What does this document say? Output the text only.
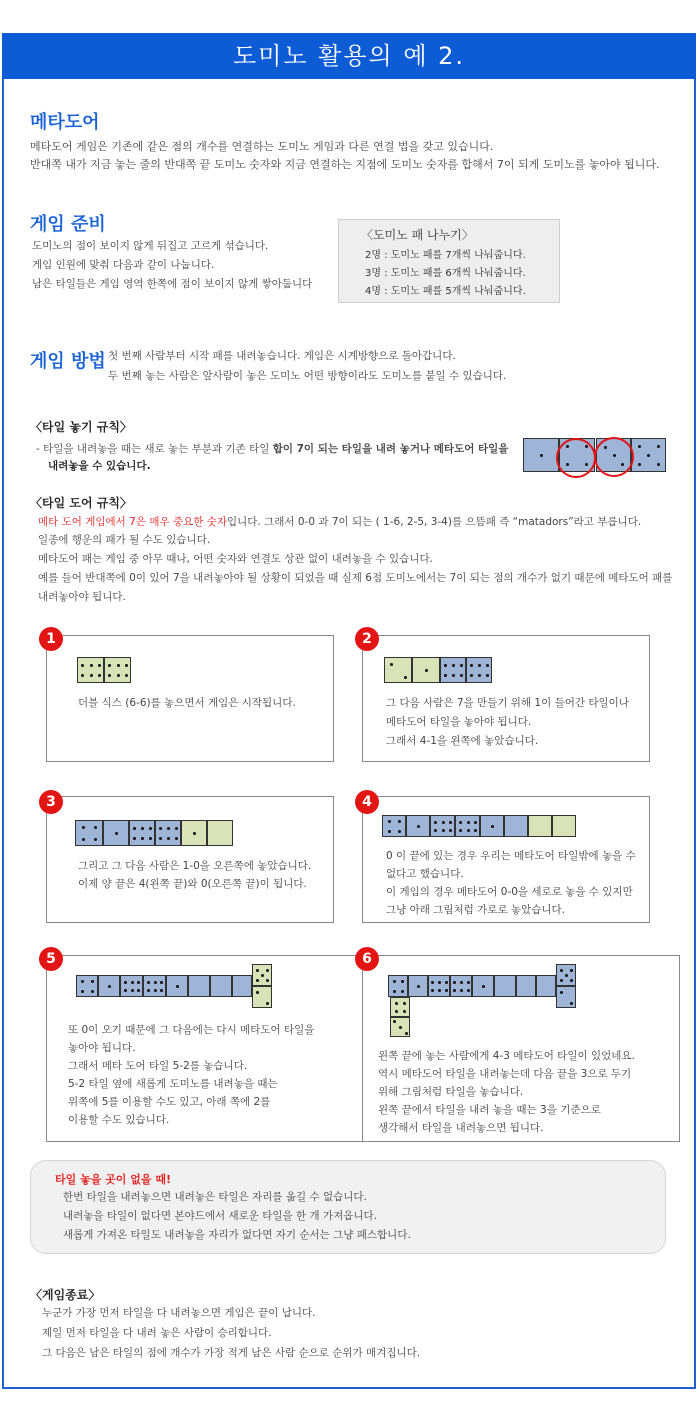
도미노 활용의 예 2.
메타도어
메타도어 게임은 기존에 같은 점의 개수를 연결하는 도미노 게임과 다른 연결 법을 갖고 있습니다.
반대쪽 내가 지금 놓는 줄의 반대쪽 끝 도미노 숫자와 지금 연결하는 지점에 도미노 숫자를 합해서 7이 되게 도미노를 놓아야 됩니다.
게임 준비
도미노의 점이 보이지 않게 뒤집고 고르게 섞습니다.
게임 인원에 맞춰 다음과 같이 나눕니다.
남은 타일들은 게임 영역 한쪽에 점이 보이지 않게 쌓아둡니다
〈도미노 패 나누기〉
2명 : 도미노 패를 7개씩 나눠줍니다.
3명 : 도미노 패를 6개씩 나눠줍니다.
4명 : 도미노 패를 5개씩 나눠줍니다.
게임 방법 첫 번째 사람부터 시작 패를 내려놓습니다. 게임은 시계방향으로 돌아갑니다.
두 번째 놓는 사람은 앞사람이 놓은 도미노 어떤 방향이라도 도미노를 붙일 수 있습니다.
〈타일 놓기 규칙〉
- 타일을 내려놓을 때는 새로 놓는 부분과 기존 타일 합이 7이 되는 타일을 내려 놓거나 메타도어 타일을
내려놓을 수 있습니다.
〈타일 도어 규칙〉
메타 도어 게임에서 7은 매우 중요한 숫자입니다. 그래서 0-0 과 7이 되는 ( 1-6, 2-5, 3-4)를 으뜸패 즉 “matadors”라고 부릅니다.
일종에 행운의 패가 될 수도 있습니다.
메타도어 패는 게임 중 아무 때나, 어떤 숫자와 연결도 상관 없이 내려놓을 수 있습니다.
예를 들어 반대쪽에 0이 있어 7을 내려놓아야 될 상황이 되었을 때 실제 6점 도미노에서는 7이 되는 점의 개수가 없기 때문에 메타도어 패를
내려놓아야 됩니다.
1	2
3	4
5	6
더블 식스 (6-6)를 놓으면서 게임은 시작됩니다.	그 다음 사람은 7을 만들기 위해 1이 들어간 타일이나
메타도어 타일을 놓아야 됩니다.
그래서 4-1을 왼쪽에 놓았습니다.
그리고 그 다음 사람은 1-0을 오른쪽에 놓았습니다.
이제 양 끝은 4(왼쪽 끝)와 0(오른쪽 끝)이 됩니다.
0 이 끝에 있는 경우 우리는 메타도어 타일밖에 놓을 수
없다고 했습니다.
이 게임의 경우 메타도어 0-0을 세로로 놓을 수 있지만
그냥 아래 그림처럼 가로로 놓았습니다.
또 0이 오기 때문에 그 다음에는 다시 메타도어 타일을
놓아야 됩니다.
그래서 메타 도어 타일 5-2를 놓습니다.
5-2 타일 옆에 새롭게 도미노를 내려놓을 때는
위쪽에 5를 이용할 수도 있고, 아래 쪽에 2를
이용할 수도 있습니다.
왼쪽 끝에 놓는 사람에게 4-3 메타도어 타일이 있었네요.
역시 메타도어 타일을 내려놓는데 다음 끝을 3으로 두기
위해 그림처럼 타일을 놓습니다.
왼쪽 끝에서 타일을 내려 놓을 때는 3을 기준으로
생각해서 타일을 내려놓으면 됩니다.
타일 놓을 곳이 없을 때!
한번 타일을 내려놓으면 내려놓은 타일은 자리를 옮길 수 없습니다.
내려놓을 타일이 없다면 본야드에서 새로운 타일을 한 개 가져옵니다.
새롭게 가져온 타일도 내려놓을 자리가 없다면 자기 순서는 그냥 패스합니다.
〈게임종료〉
누군가 가장 먼저 타일을 다 내려놓으면 게임은 끝이 납니다.
제일 먼저 타일을 다 내려 놓은 사람이 승리합니다.
그 다음은 남은 타일의 점에 개수가 가장 적게 남은 사람 순으로 순위가 매겨집니다.
